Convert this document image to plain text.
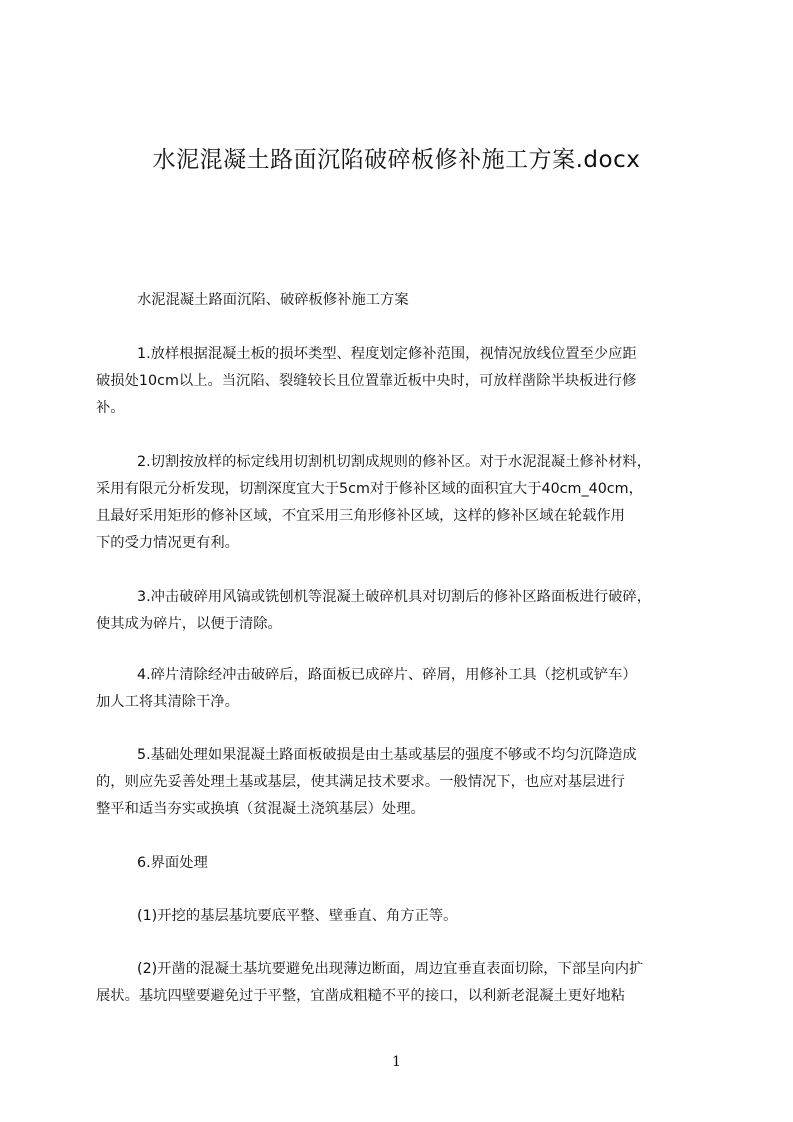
水泥混凝土路面沉陷破碎板修补施工方案.docx
水泥混凝土路面沉陷、破碎板修补施工方案
1.放样根据混凝土板的损坏类型、程度划定修补范围，视情况放线位置至少应距
破损处10cm以上。当沉陷、裂缝较长且位置靠近板中央时，可放样凿除半块板进行修
补。
2.切割按放样的标定线用切割机切割成规则的修补区。对于水泥混凝土修补材料，
采用有限元分析发现，切割深度宜大于5cm对于修补区域的面积宜大于40cm_40cm，
且最好采用矩形的修补区域，不宜采用三角形修补区域，这样的修补区域在轮载作用
下的受力情况更有利。
3.冲击破碎用风镐或铣刨机等混凝土破碎机具对切割后的修补区路面板进行破碎，
使其成为碎片，以便于清除。
4.碎片清除经冲击破碎后，路面板已成碎片、碎屑，用修补工具（挖机或铲车）
加人工将其清除干净。
5.基础处理如果混凝土路面板破损是由土基或基层的强度不够或不均匀沉降造成
的，则应先妥善处理土基或基层，使其满足技术要求。一般情况下，也应对基层进行
整平和适当夯实或换填（贫混凝土浇筑基层）处理。
6.界面处理
(1)开挖的基层基坑要底平整、壁垂直、角方正等。
(2)开凿的混凝土基坑要避免出现薄边断面，周边宜垂直表面切除，下部呈向内扩
展状。基坑四壁要避免过于平整，宜凿成粗糙不平的接口，以利新老混凝土更好地粘
1
